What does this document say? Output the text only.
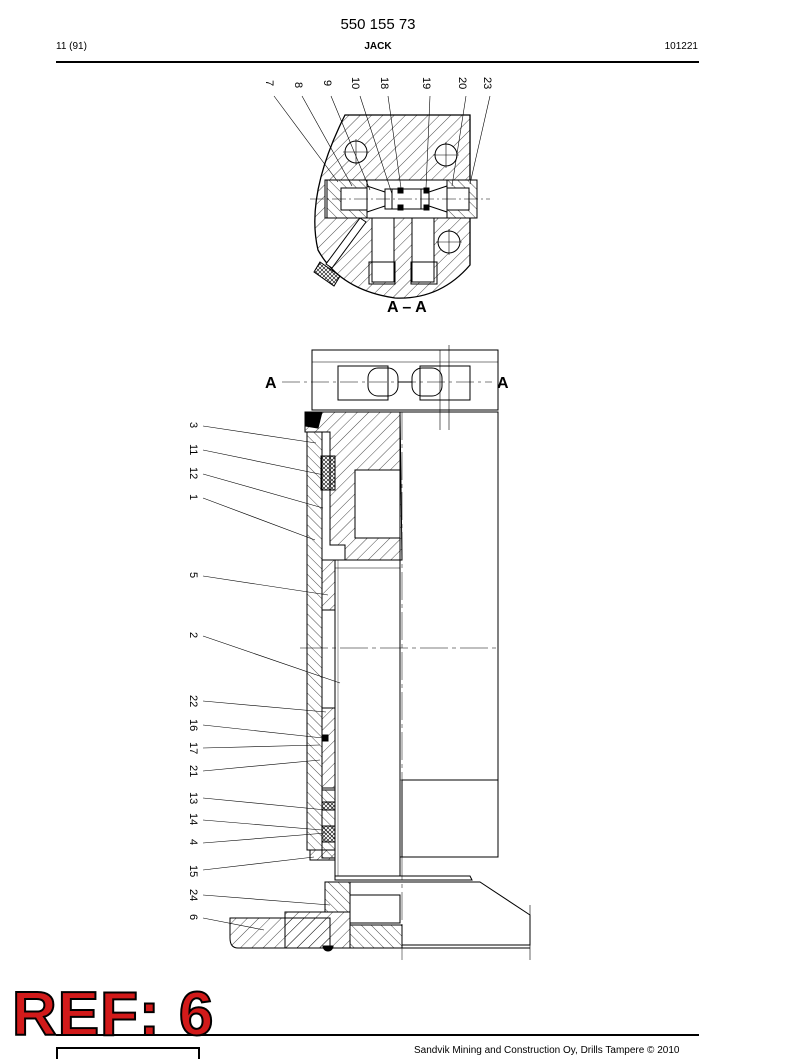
550 155 73
11 (91)	JACK	101221
7 8 9 10 18	19 20 23
A – A
A	A
3
11
12
1
5
2
22
16
17
21
13
14
4
15
24
6
Sandvik Mining and Construction Oy, Drills Tampere © 2010
REF: 6
